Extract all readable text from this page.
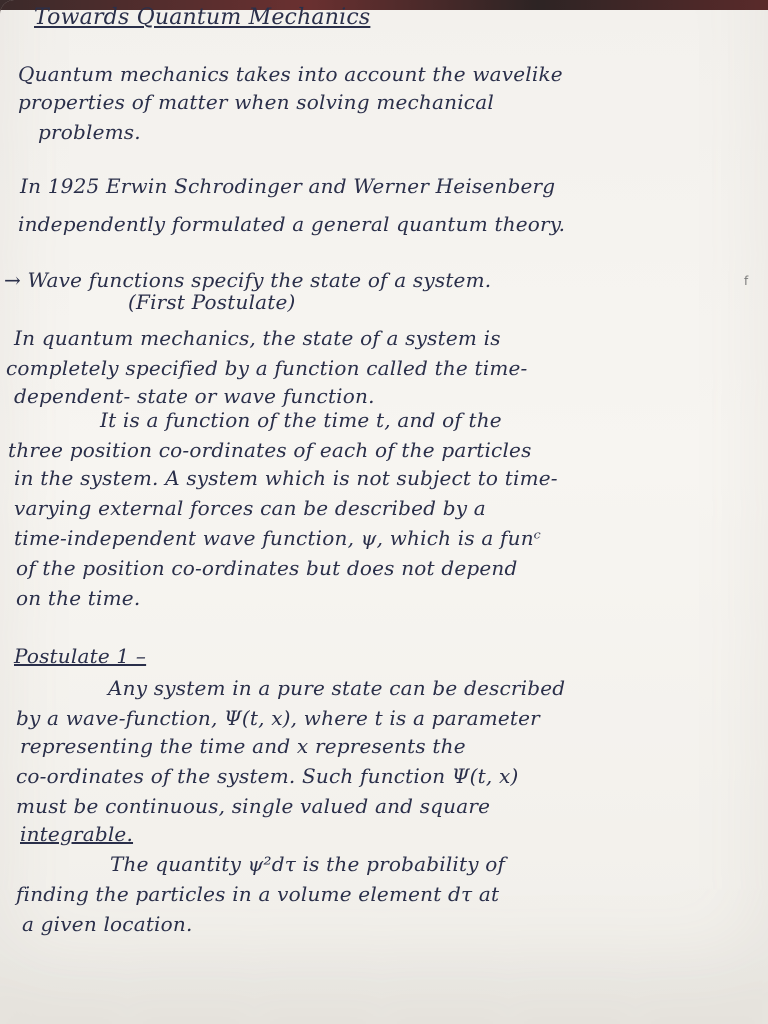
Towards Quantum Mechanics
Quantum mechanics takes into account the wavelike
properties of matter when solving mechanical
problems.
In 1925 Erwin Schrodinger and Werner Heisenberg
independently formulated a general quantum theory.
→ Wave functions specify the state of a system.
(First Postulate)
In quantum mechanics, the state of a system is
completely specified by a function called the time-
dependent- state or wave function.
It is a function of the time t, and of the
three position co-ordinates of each of the particles
in the system. A system which is not subject to time-
varying external forces can be described by a
time-independent wave function, ψ, which is a funᶜ
of the position co-ordinates but does not depend
on the time.
Postulate 1 –
Any system in a pure state can be described
by a wave-function, Ψ(t, x), where t is a parameter
representing the time and x represents the
co-ordinates of the system. Such function Ψ(t, x)
must be continuous, single valued and square
integrable.
The quantity ψ²dτ is the probability of
finding the particles in a volume element dτ at
a given location.
f
